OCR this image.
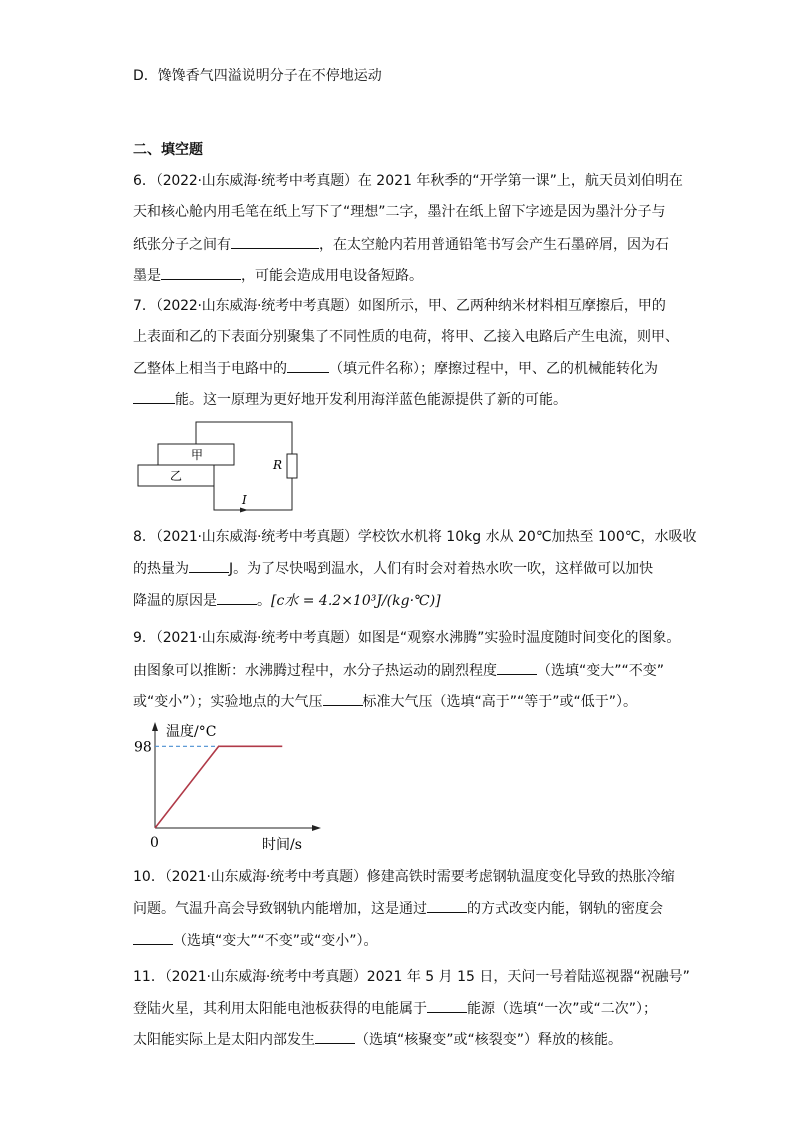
D．馋馋香气四溢说明分子在不停地运动
二、填空题
6．（2022·山东威海·统考中考真题）在 2021 年秋季的“开学第一课”上，航天员刘伯明在
天和核心舱内用毛笔在纸上写下了“理想”二字，墨汁在纸上留下字迹是因为墨汁分子与
纸张分子之间有	，在太空舱内若用普通铅笔书写会产生石墨碎屑，因为石
墨是	，可能会造成用电设备短路。
7．（2022·山东威海·统考中考真题）如图所示，甲、乙两种纳米材料相互摩擦后，甲的
上表面和乙的下表面分别聚集了不同性质的电荷，将甲、乙接入电路后产生电流，则甲、
乙整体上相当于电路中的	（填元件名称）；摩擦过程中，甲、乙的机械能转化为
能。这一原理为更好地开发利用海洋蓝色能源提供了新的可能。
甲
乙
R
I
8．（2021·山东威海·统考中考真题）学校饮水机将 10kg 水从 20℃加热至 100℃，水吸收
的热量为	J。为了尽快喝到温水，人们有时会对着热水吹一吹，这样做可以加快
降温的原因是	。[c水 = 4.2×10³J/(kg·℃)]
9．（2021·山东威海·统考中考真题）如图是“观察水沸腾”实验时温度随时间变化的图象。
由图象可以推断：水沸腾过程中，水分子热运动的剧烈程度	（选填“变大”“不变”
或“变小”）；实验地点的大气压	标准大气压（选填“高于”“等于”或“低于”）。
温度/°C
98
0	时间/s
10．（2021·山东威海·统考中考真题）修建高铁时需要考虑钢轨温度变化导致的热胀冷缩
问题。气温升高会导致钢轨内能增加，这是通过	的方式改变内能，钢轨的密度会
（选填“变大”“不变”或“变小”）。
11．（2021·山东威海·统考中考真题）2021 年 5 月 15 日，天问一号着陆巡视器“祝融号”
登陆火星，其利用太阳能电池板获得的电能属于	能源（选填“一次”或“二次”）；
太阳能实际上是太阳内部发生	（选填“核聚变”或“核裂变”）释放的核能。
